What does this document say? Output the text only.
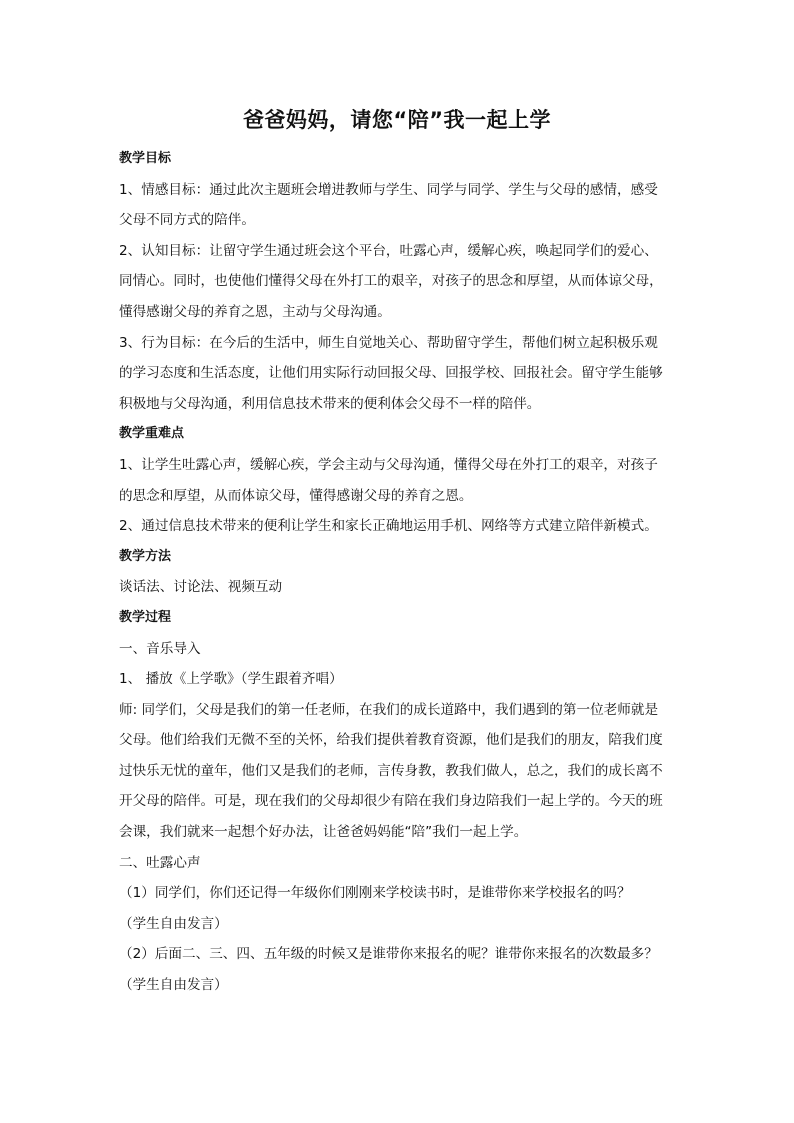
爸爸妈妈，请您“陪”我一起上学
教学目标
1、情感目标：通过此次主题班会增进教师与学生、同学与同学、学生与父母的感情，感受
父母不同方式的陪伴。
2、认知目标：让留守学生通过班会这个平台，吐露心声，缓解心疾，唤起同学们的爱心、
同情心。同时，也使他们懂得父母在外打工的艰辛，对孩子的思念和厚望，从而体谅父母，
懂得感谢父母的养育之恩，主动与父母沟通。
3、行为目标：在今后的生活中，师生自觉地关心、帮助留守学生，帮他们树立起积极乐观
的学习态度和生活态度，让他们用实际行动回报父母、回报学校、回报社会。留守学生能够
积极地与父母沟通，利用信息技术带来的便利体会父母不一样的陪伴。
教学重难点
1、让学生吐露心声，缓解心疾，学会主动与父母沟通，懂得父母在外打工的艰辛，对孩子
的思念和厚望，从而体谅父母，懂得感谢父母的养育之恩。
2、通过信息技术带来的便利让学生和家长正确地运用手机、网络等方式建立陪伴新模式。
教学方法
谈话法、讨论法、视频互动
教学过程
一、音乐导入
1、 播放《上学歌》（学生跟着齐唱）
师: 同学们，父母是我们的第一任老师，在我们的成长道路中，我们遇到的第一位老师就是
父母。他们给我们无微不至的关怀，给我们提供着教育资源，他们是我们的朋友，陪我们度
过快乐无忧的童年，他们又是我们的老师，言传身教，教我们做人，总之，我们的成长离不
开父母的陪伴。可是，现在我们的父母却很少有陪在我们身边陪我们一起上学的。今天的班
会课，我们就来一起想个好办法，让爸爸妈妈能“陪”我们一起上学。
二、吐露心声
（1）同学们，你们还记得一年级你们刚刚来学校读书时，是谁带你来学校报名的吗？
（学生自由发言）
（2）后面二、三、四、五年级的时候又是谁带你来报名的呢？谁带你来报名的次数最多？
（学生自由发言）
